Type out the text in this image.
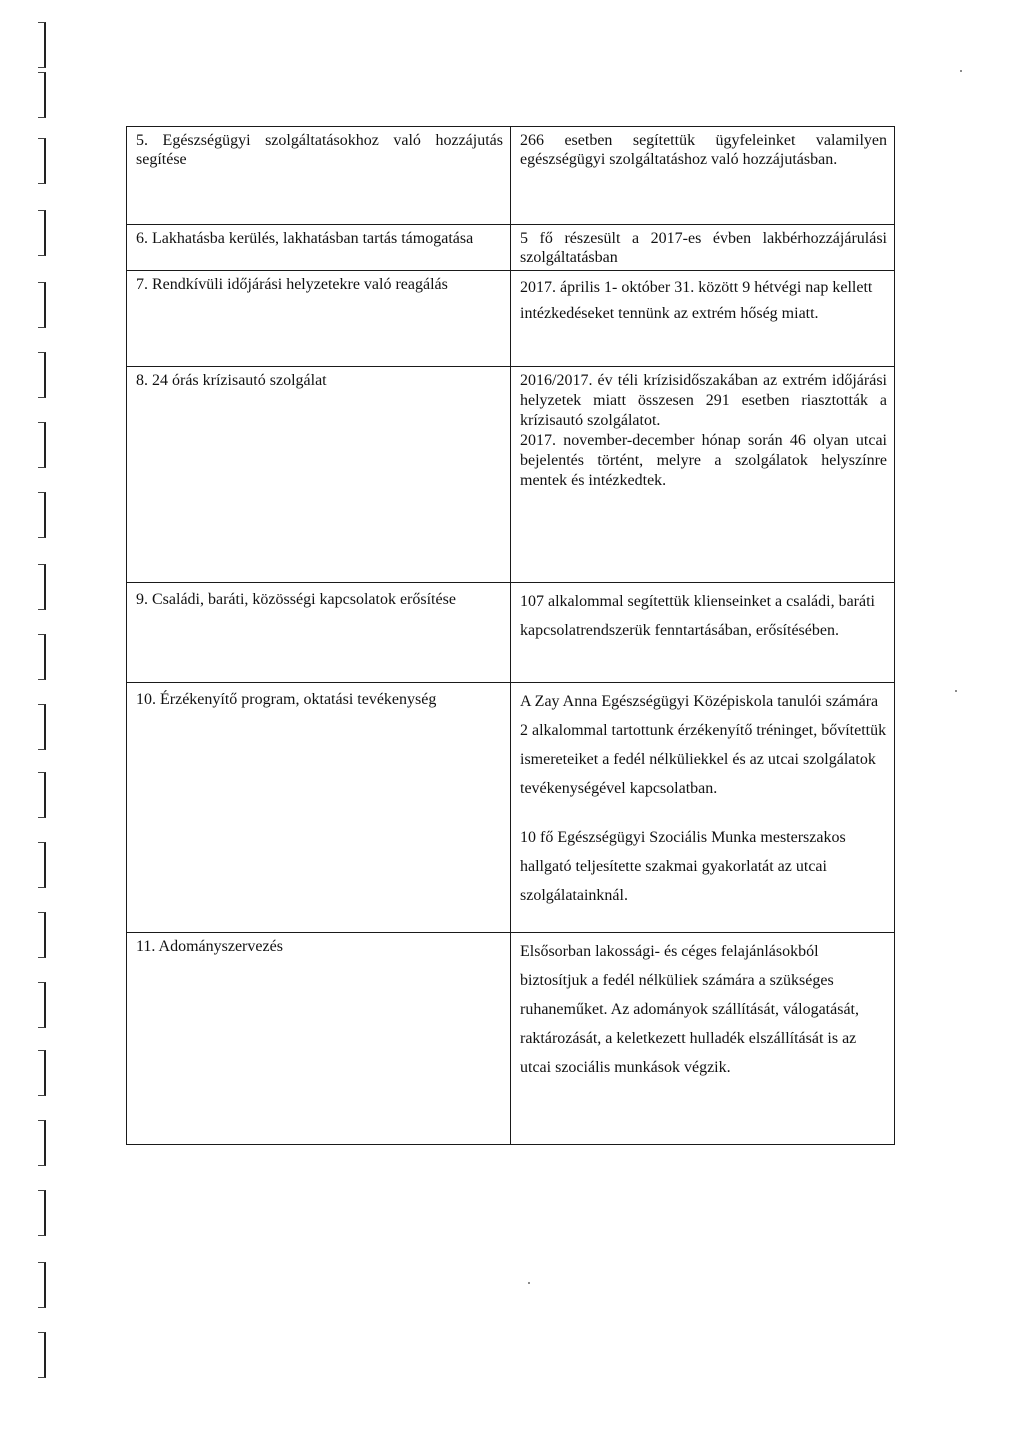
5. Egészségügyi szolgáltatásokhoz való hozzájutás segítése	266 esetben segítettük ügyfeleinket valamilyen egészségügyi szolgáltatáshoz való hozzájutásban.

6. Lakhatásba kerülés, lakhatásban tartás támogatása	5 fő részesült a 2017-es évben lakbérhozzájárulási szolgáltatásban

7. Rendkívüli időjárási helyzetekre való reagálás	2017. április 1- október 31. között 9 hétvégi nap kellett intézkedéseket tennünk az extrém hőség miatt.

8. 24 órás krízisautó szolgálat	2016/2017. év téli krízisidőszakában az extrém időjárási helyzetek miatt összesen 291 esetben riasztották a krízisautó szolgálatot.

2017. november-december hónap során 46 olyan utcai bejelentés történt, melyre a szolgálatok helyszínre mentek és intézkedtek.

9. Családi, baráti, közösségi kapcsolatok erősítése	107 alkalommal segítettük klienseinket a családi, baráti kapcsolatrendszerük fenntartásában, erősítésében.

10. Érzékenyítő program, oktatási tevékenység	A Zay Anna Egészségügyi Középiskola tanulói számára 2 alkalommal tartottunk érzékenyítő tréninget, bővítettük ismereteiket a fedél nélküliekkel és az utcai szolgálatok tevékenységével kapcsolatban.

10 fő Egészségügyi Szociális Munka mesterszakos hallgató teljesítette szakmai gyakorlatát az utcai szolgálatainknál.

11. Adományszervezés	Elsősorban lakossági- és céges felajánlásokból biztosítjuk a fedél nélküliek számára a szükséges ruhaneműket. Az adományok szállítását, válogatását, raktározását, a keletkezett hulladék elszállítását is az utcai szociális munkások végzik.
